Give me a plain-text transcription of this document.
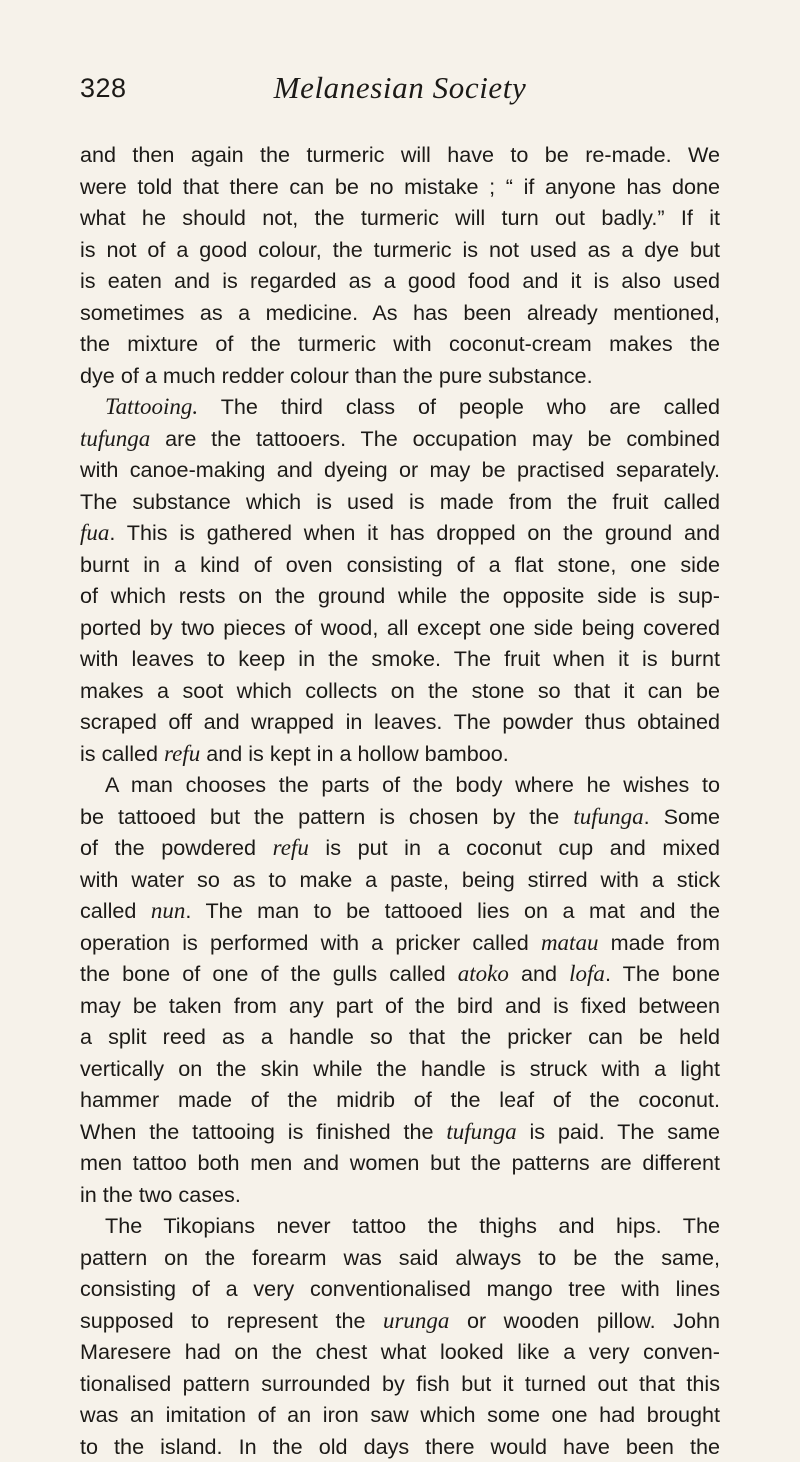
328	Melanesian Society
and then again the turmeric will have to be re-made. We
were told that there can be no mistake ; “ if anyone has done
what he should not, the turmeric will turn out badly.” If it
is not of a good colour, the turmeric is not used as a dye but
is eaten and is regarded as a good food and it is also used
sometimes as a medicine. As has been already mentioned,
the mixture of the turmeric with coconut-cream makes the
dye of a much redder colour than the pure substance.
Tattooing. The third class of people who are called
tufunga are the tattooers. The occupation may be combined
with canoe-making and dyeing or may be practised separately.
The substance which is used is made from the fruit called
fua. This is gathered when it has dropped on the ground and
burnt in a kind of oven consisting of a flat stone, one side
of which rests on the ground while the opposite side is sup-
ported by two pieces of wood, all except one side being covered
with leaves to keep in the smoke. The fruit when it is burnt
makes a soot which collects on the stone so that it can be
scraped off and wrapped in leaves. The powder thus obtained
is called refu and is kept in a hollow bamboo.
A man chooses the parts of the body where he wishes to
be tattooed but the pattern is chosen by the tufunga. Some
of the powdered refu is put in a coconut cup and mixed
with water so as to make a paste, being stirred with a stick
called nun. The man to be tattooed lies on a mat and the
operation is performed with a pricker called matau made from
the bone of one of the gulls called atoko and lofa. The bone
may be taken from any part of the bird and is fixed between
a split reed as a handle so that the pricker can be held
vertically on the skin while the handle is struck with a light
hammer made of the midrib of the leaf of the coconut.
When the tattooing is finished the tufunga is paid. The same
men tattoo both men and women but the patterns are different
in the two cases.
The Tikopians never tattoo the thighs and hips. The
pattern on the forearm was said always to be the same,
consisting of a very conventionalised mango tree with lines
supposed to represent the urunga or wooden pillow. John
Maresere had on the chest what looked like a very conven-
tionalised pattern surrounded by fish but it turned out that this
was an imitation of an iron saw which some one had brought
to the island. In the old days there would have been the
